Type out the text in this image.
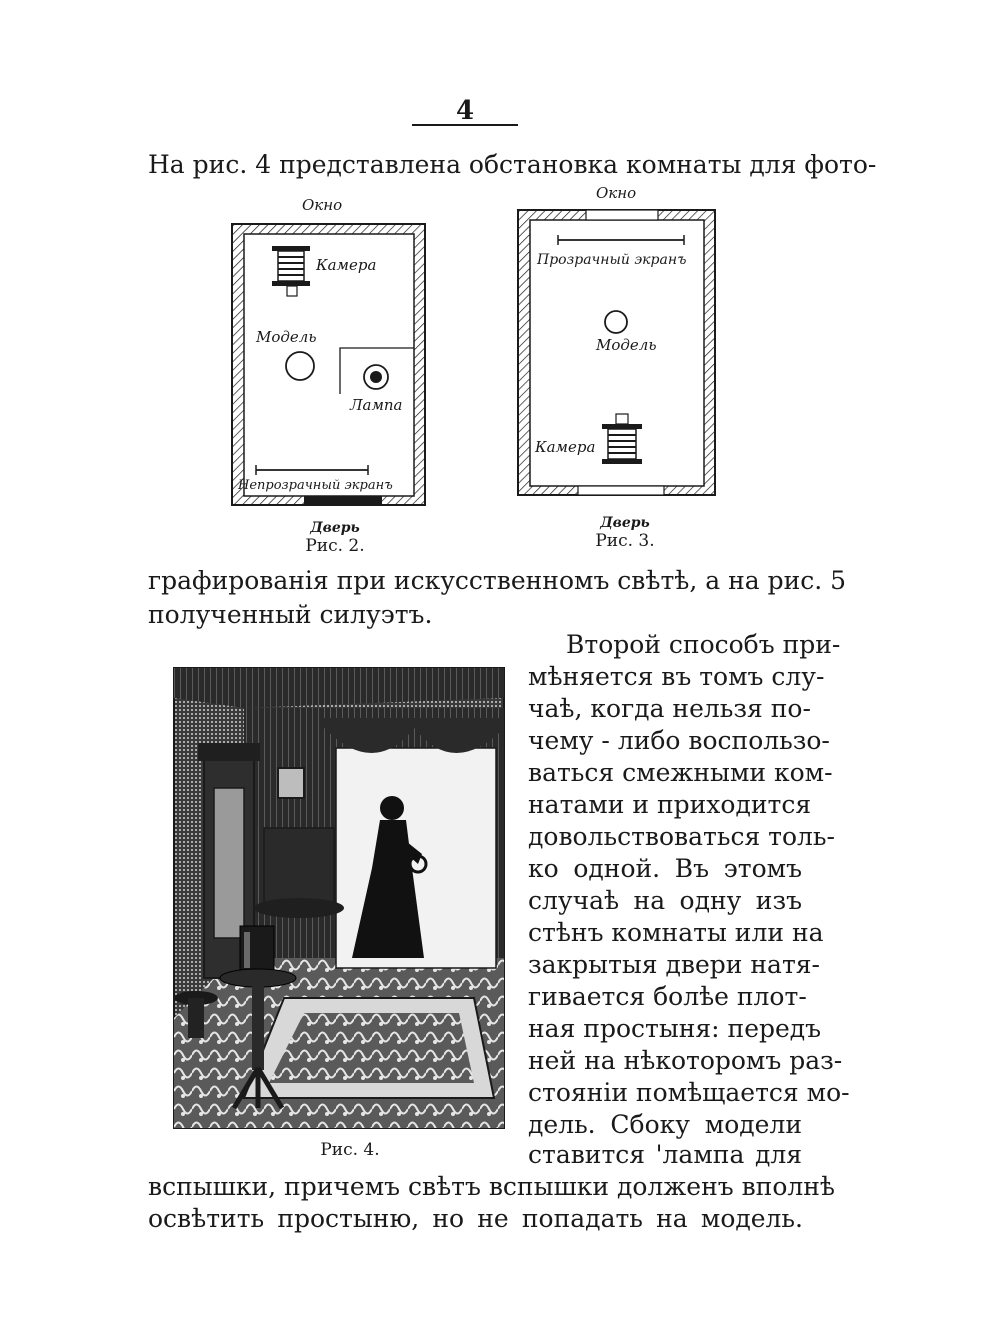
4
На рис. 4 представлена обстановка комнаты для фото-
Окно
Камера
Модель
Лампа
Непрозрачный экранъ
Окно
Прозрачный экранъ
Модель
Камера
Дверь
Рис. 2.
Дверь
Рис. 3.
графированія при искусственномъ свѣтѣ, а на рис. 5
полученный силуэтъ.
Рис. 4.
Второй способъ при-
мѣняется въ томъ слу-
чаѣ, когда нельзя по-
чему - либо воспользо-
ваться смежными ком-
натами и приходится
довольствоваться толь-
ко одной. Въ этомъ
случаѣ на одну изъ
стѣнъ комнаты или на
закрытыя двери натя-
гивается болѣе плот-
ная простыня: передъ
ней на нѣкоторомъ раз-
стояніи помѣщается мо-
дель. Сбоку модели
ставится 'лампа для
вспышки, причемъ свѣтъ вспышки долженъ вполнѣ
освѣтить простыню, но не попадать на модель.
